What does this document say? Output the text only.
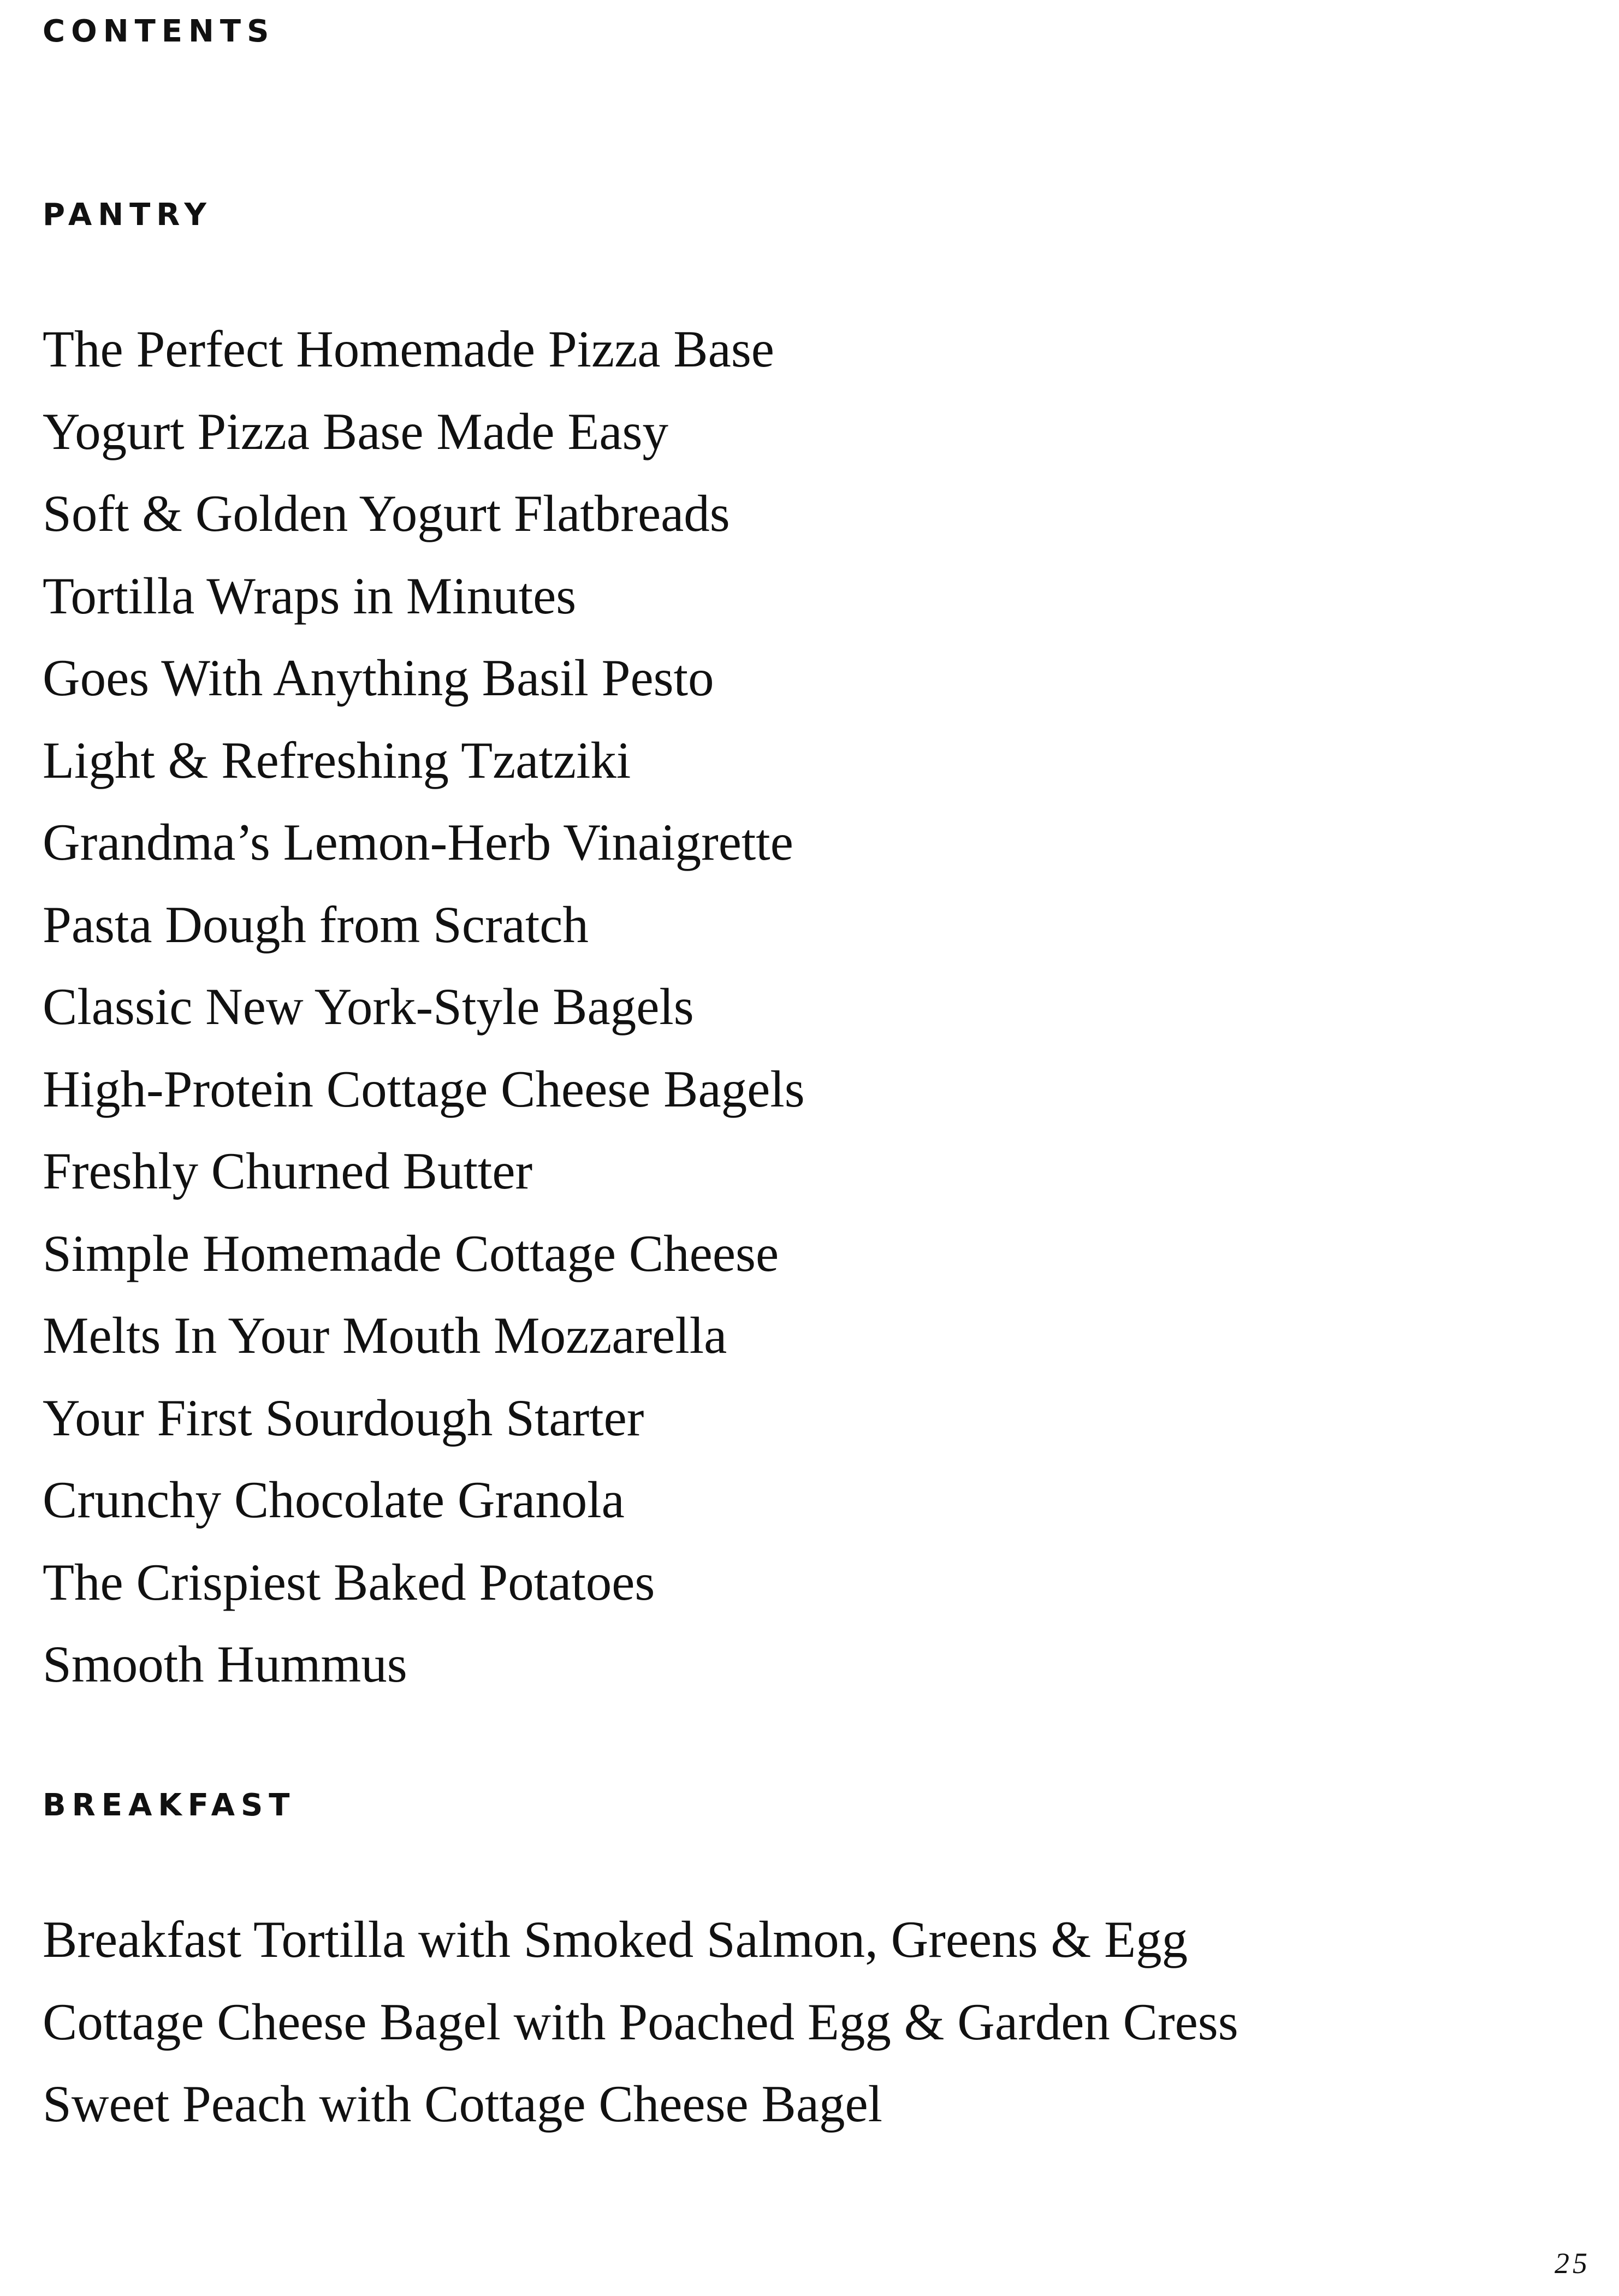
CONTENTS
PANTRY
The Perfect Homemade Pizza Base
Yogurt Pizza Base Made Easy
Soft & Golden Yogurt Flatbreads
Tortilla Wraps in Minutes
Goes With Anything Basil Pesto
Light & Refreshing Tzatziki
Grandma’s Lemon-Herb Vinaigrette
Pasta Dough from Scratch
Classic New York-Style Bagels
High-Protein Cottage Cheese Bagels
Freshly Churned Butter
Simple Homemade Cottage Cheese
Melts In Your Mouth Mozzarella
Your First Sourdough Starter
Crunchy Chocolate Granola
The Crispiest Baked Potatoes
Smooth Hummus
BREAKFAST
Breakfast Tortilla with Smoked Salmon, Greens & Egg
Cottage Cheese Bagel with Poached Egg & Garden Cress
Sweet Peach with Cottage Cheese Bagel
25
